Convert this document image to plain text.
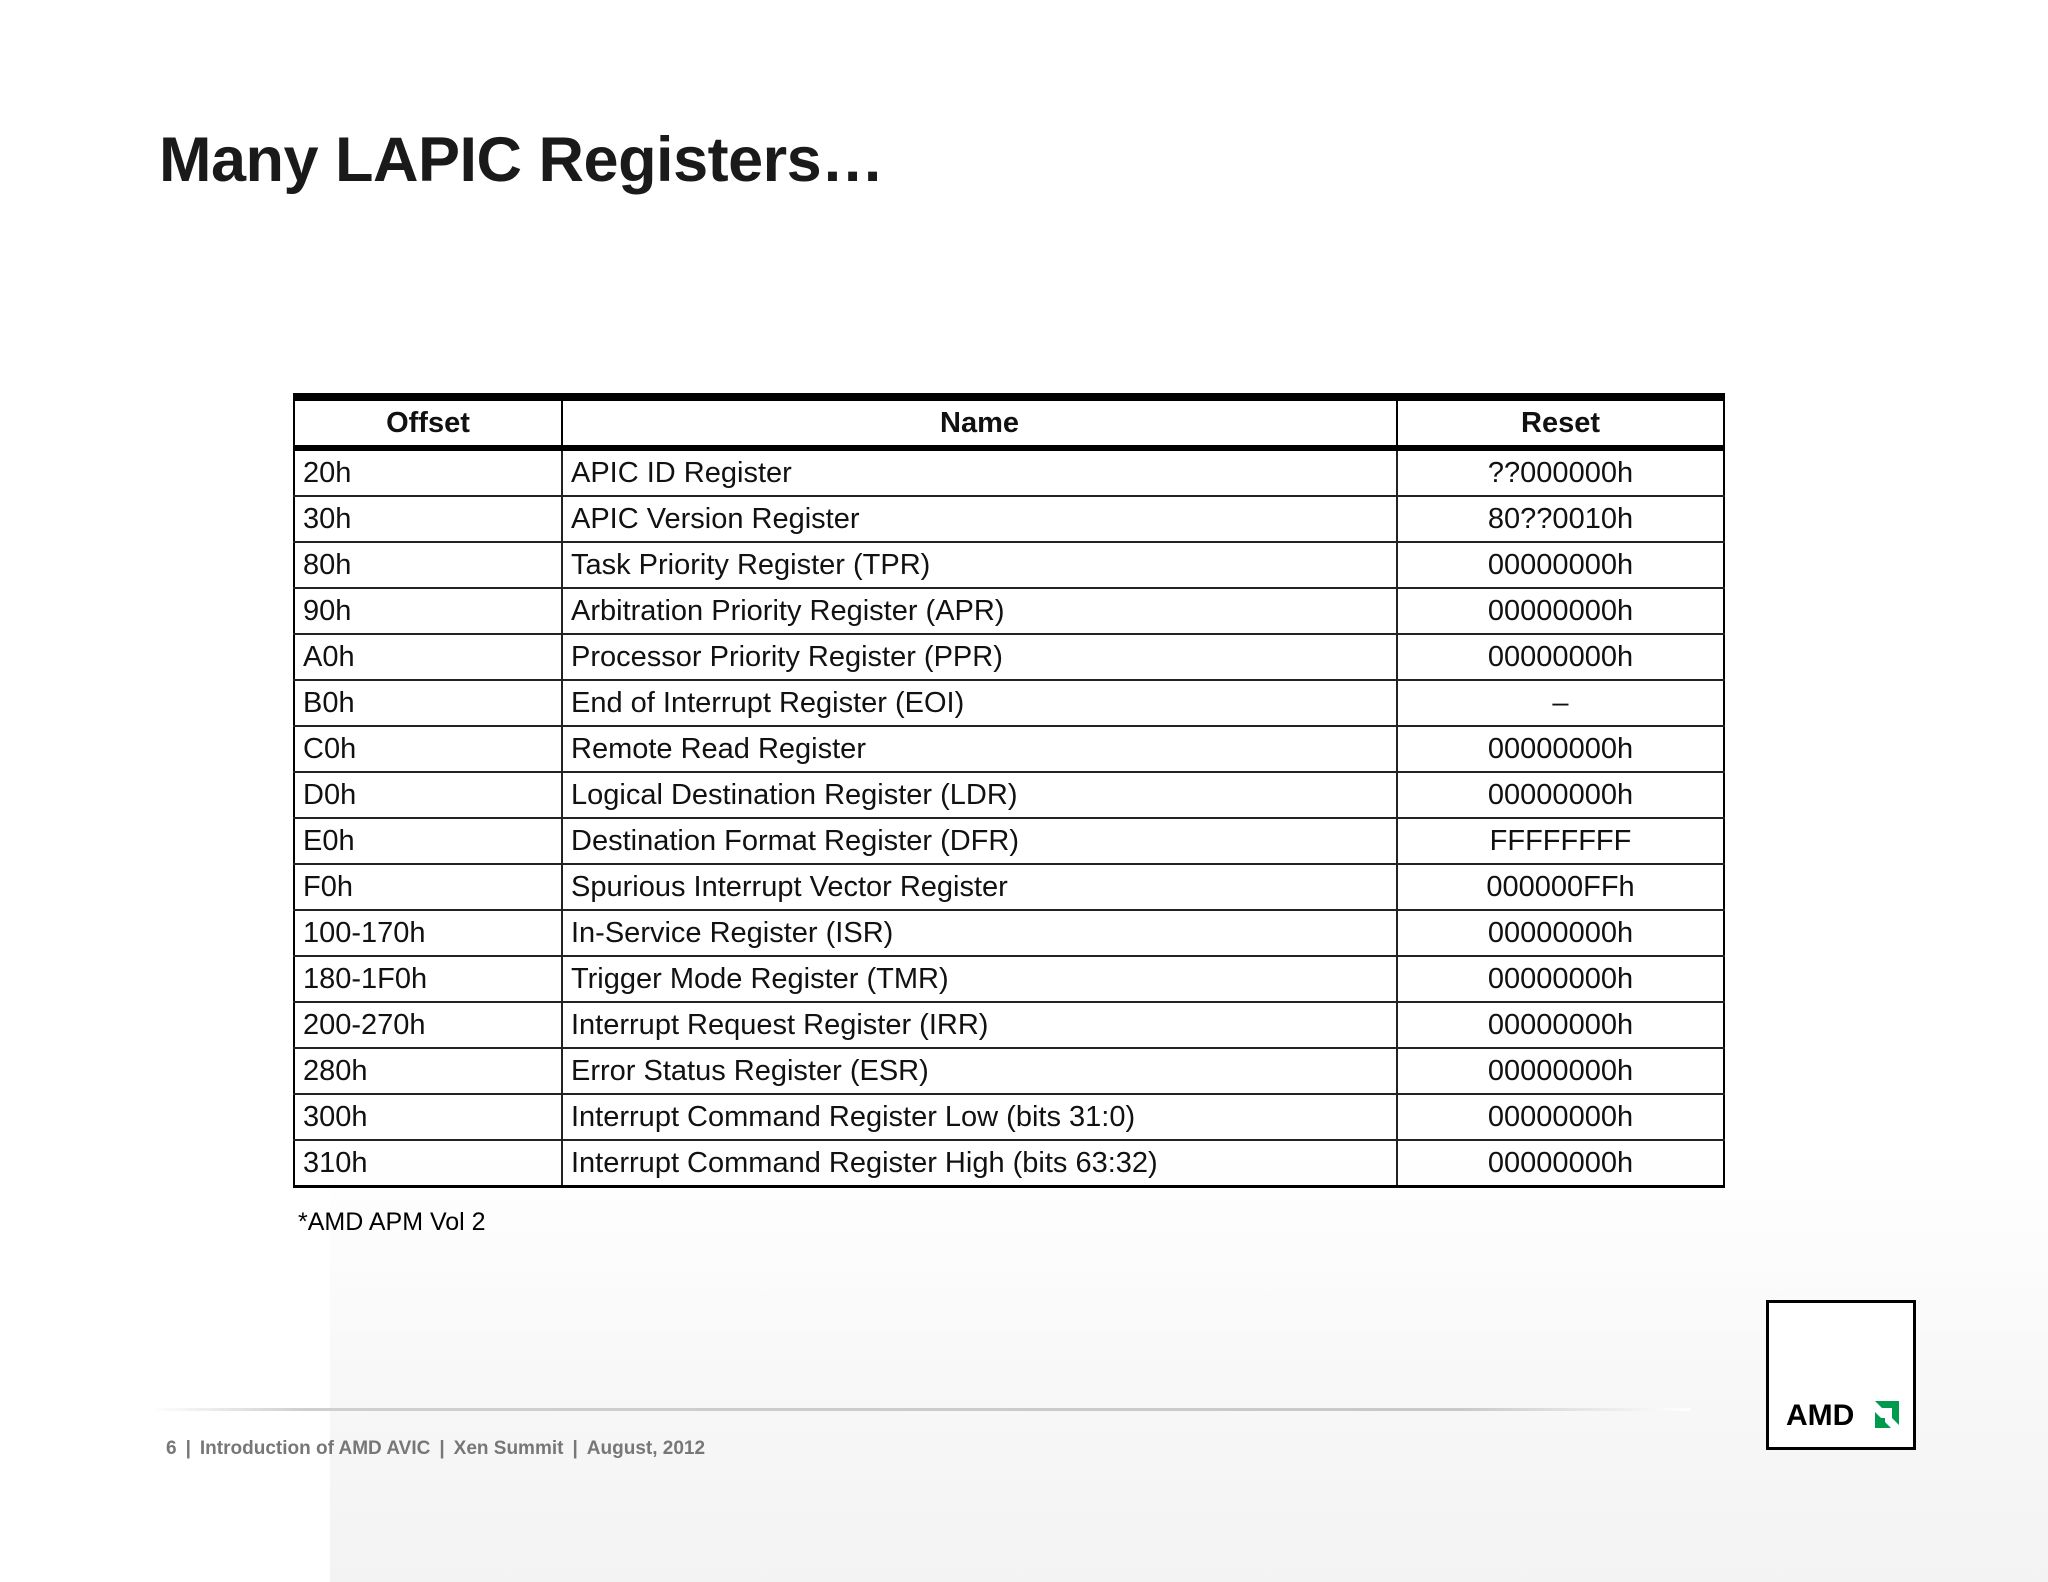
Many LAPIC Registers…
Offset	Name	Reset
20h	APIC ID Register	??000000h
30h	APIC Version Register	80??0010h
80h	Task Priority Register (TPR)	00000000h
90h	Arbitration Priority Register (APR)	00000000h
A0h	Processor Priority Register (PPR)	00000000h
B0h	End of Interrupt Register (EOI)	–
C0h	Remote Read Register	00000000h
D0h	Logical Destination Register (LDR)	00000000h
E0h	Destination Format Register (DFR)	FFFFFFFF
F0h	Spurious Interrupt Vector Register	000000FFh
100-170h	In-Service Register (ISR)	00000000h
180-1F0h	Trigger Mode Register (TMR)	00000000h
200-270h	Interrupt Request Register (IRR)	00000000h
280h	Error Status Register (ESR)	00000000h
300h	Interrupt Command Register Low (bits 31:0)	00000000h
310h	Interrupt Command Register High (bits 63:32)	00000000h
*AMD APM Vol 2
6 | Introduction of AMD AVIC | Xen Summit | August, 2012
AMD
